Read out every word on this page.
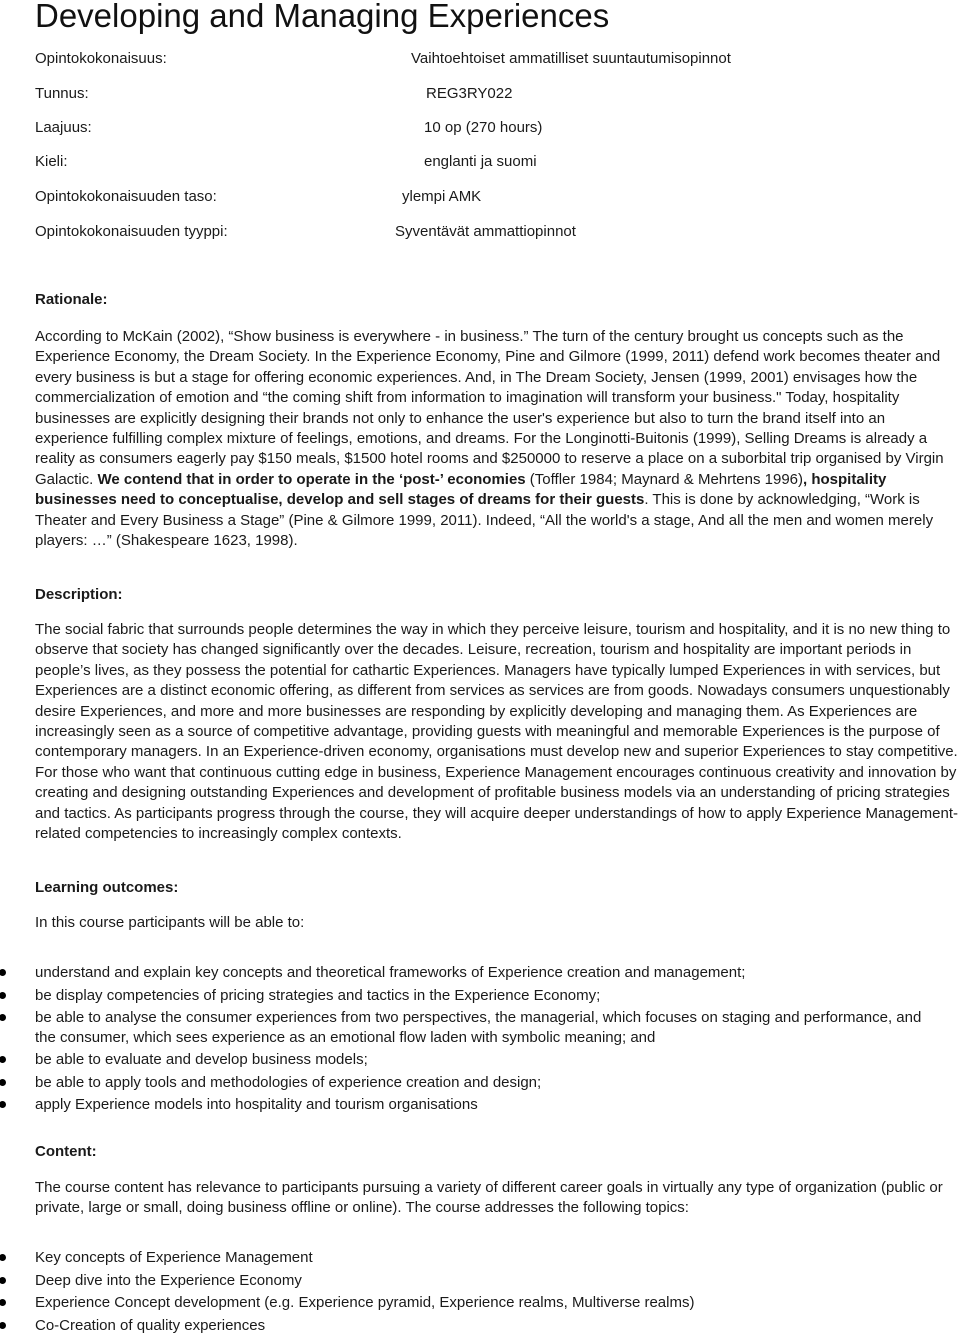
Developing and Managing Experiences
Opintokokonaisuus:	Vaihtoehtoiset ammatilliset suuntautumisopinnot
Tunnus:	REG3RY022
Laajuus:	10 op (270 hours)
Kieli:	englanti ja suomi
Opintokokonaisuuden taso:	ylempi AMK
Opintokokonaisuuden tyyppi:	Syventävät ammattiopinnot
Rationale:

According to McKain (2002), “Show business is everywhere - in business.” The turn of the century brought us concepts such as the Experience Economy, the Dream Society. In the Experience Economy, Pine and Gilmore (1999, 2011) defend work becomes theater and every business is but a stage for offering economic experiences. And, in The Dream Society, Jensen (1999, 2001) envisages how the commercialization of emotion and “the coming shift from information to imagination will transform your business." Today, hospitality businesses are explicitly designing their brands not only to enhance the user's experience but also to turn the brand itself into an experience fulfilling complex mixture of feelings, emotions, and dreams. For the Longinotti-Buitonis (1999), Selling Dreams is already a reality as consumers eagerly pay $150 meals, $1500 hotel rooms and $250000 to reserve a place on a suborbital trip organised by Virgin Galactic. We contend that in order to operate in the ‘post-’ economies (Toffler 1984; Maynard & Mehrtens 1996), hospitality businesses need to conceptualise, develop and sell stages of dreams for their guests. This is done by acknowledging, “Work is Theater and Every Business a Stage” (Pine & Gilmore 1999, 2011). Indeed, “All the world's a stage, And all the men and women merely players: …” (Shakespeare 1623, 1998).

Description:

The social fabric that surrounds people determines the way in which they perceive leisure, tourism and hospitality, and it is no new thing to observe that society has changed significantly over the decades. Leisure, recreation, tourism and hospitality are important periods in people’s lives, as they possess the potential for cathartic Experiences. Managers have typically lumped Experiences in with services, but Experiences are a distinct economic offering, as different from services as services are from goods. Nowadays consumers unquestionably desire Experiences, and more and more businesses are responding by explicitly developing and managing them. As Experiences are increasingly seen as a source of competitive advantage, providing guests with meaningful and memorable Experiences is the purpose of contemporary managers. In an Experience-driven economy, organisations must develop new and superior Experiences to stay competitive. For those who want that continuous cutting edge in business, Experience Management encourages continuous creativity and innovation by creating and designing outstanding Experiences and development of profitable business models via an understanding of pricing strategies and tactics. As participants progress through the course, they will acquire deeper understandings of how to apply Experience Management-related competencies to increasingly complex contexts.

Learning outcomes:

In this course participants will be able to:

understand and explain key concepts and theoretical frameworks of Experience creation and management;
be display competencies of pricing strategies and tactics in the Experience Economy;
be able to analyse the consumer experiences from two perspectives, the managerial, which focuses on staging and performance, and the consumer, which sees experience as an emotional flow laden with symbolic meaning; and
be able to evaluate and develop business models;
be able to apply tools and methodologies of experience creation and design;
apply Experience models into hospitality and tourism organisations
Content:

The course content has relevance to participants pursuing a variety of different career goals in virtually any type of organization (public or private, large or small, doing business offline or online). The course addresses the following topics:

Key concepts of Experience Management
Deep dive into the Experience Economy
Experience Concept development (e.g. Experience pyramid, Experience realms, Multiverse realms)
Co-Creation of quality experiences
